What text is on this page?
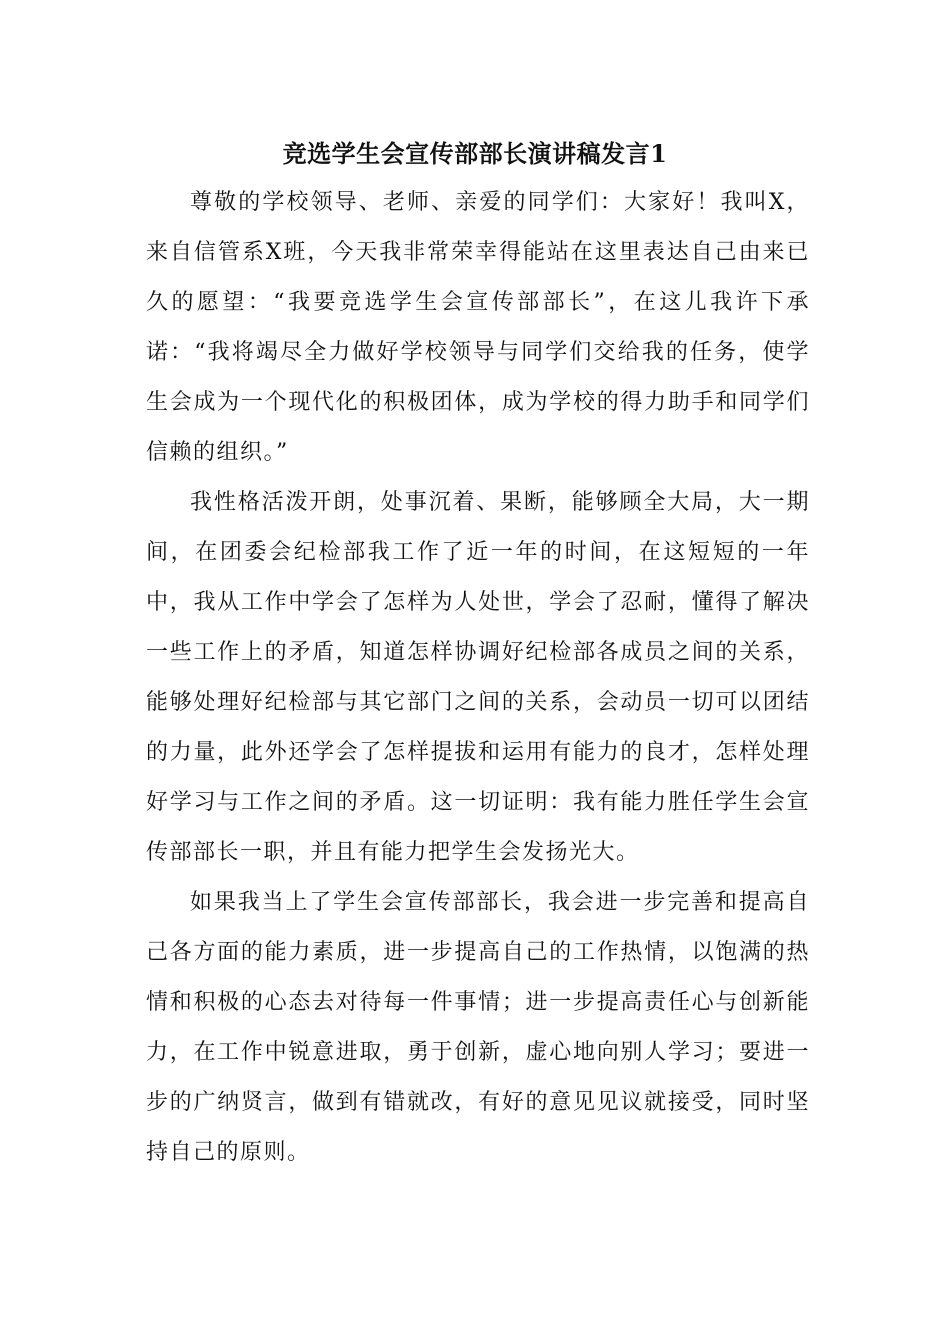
竞选学生会宣传部部长演讲稿发言1

尊敬的学校领导、老师、亲爱的同学们：大家好！我叫X，来自信管系X班，今天我非常荣幸得能站在这里表达自己由来已久的愿望：“我要竞选学生会宣传部部长”，在这儿我许下承诺：“我将竭尽全力做好学校领导与同学们交给我的任务，使学生会成为一个现代化的积极团体，成为学校的得力助手和同学们信赖的组织。”

我性格活泼开朗，处事沉着、果断，能够顾全大局，大一期间，在团委会纪检部我工作了近一年的时间，在这短短的一年中，我从工作中学会了怎样为人处世，学会了忍耐，懂得了解决一些工作上的矛盾，知道怎样协调好纪检部各成员之间的关系，能够处理好纪检部与其它部门之间的关系，会动员一切可以团结的力量，此外还学会了怎样提拔和运用有能力的良才，怎样处理好学习与工作之间的矛盾。这一切证明：我有能力胜任学生会宣传部部长一职，并且有能力把学生会发扬光大。

如果我当上了学生会宣传部部长，我会进一步完善和提高自己各方面的能力素质，进一步提高自己的工作热情，以饱满的热情和积极的心态去对待每一件事情；进一步提高责任心与创新能力，在工作中锐意进取，勇于创新，虚心地向别人学习；要进一步的广纳贤言，做到有错就改，有好的意见见议就接受，同时坚持自己的原则。
